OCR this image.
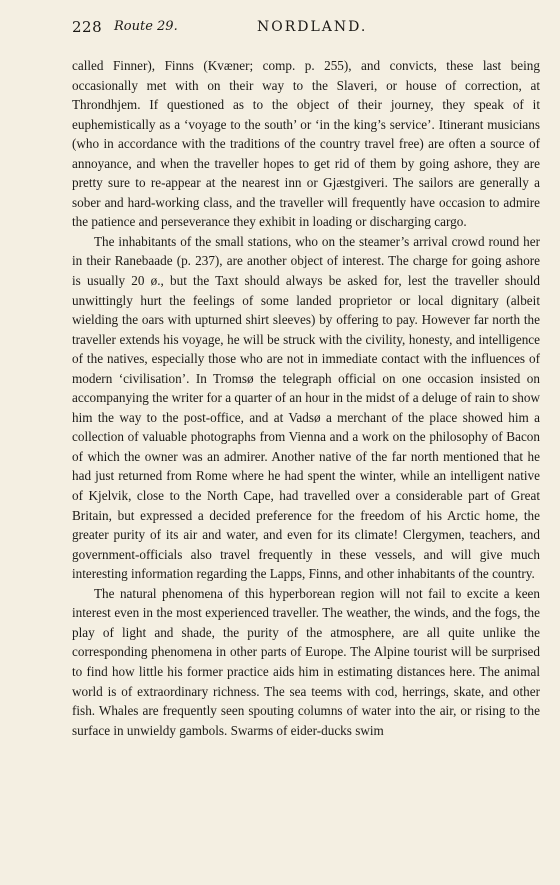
228 Route 29.	NORDLAND.

called Finner), Finns (Kvæner; comp. p. 255), and convicts, these last being occasionally met with on their way to the Slaveri, or house of correction, at Throndhjem. If questioned as to the object of their journey, they speak of it euphemistically as a ‘voyage to the south’ or ‘in the king’s service’. Itinerant musicians (who in accordance with the traditions of the country travel free) are often a source of annoyance, and when the traveller hopes to get rid of them by going ashore, they are pretty sure to re-appear at the nearest inn or Gjæstgiveri. The sailors are generally a sober and hard-working class, and the traveller will frequently have occasion to admire the patience and perseverance they exhibit in loading or discharging cargo.

The inhabitants of the small stations, who on the steamer’s arrival crowd round her in their Ranebaade (p. 237), are another object of interest. The charge for going ashore is usually 20 ø., but the Taxt should always be asked for, lest the traveller should unwittingly hurt the feelings of some landed proprietor or local dignitary (albeit wielding the oars with upturned shirt sleeves) by offering to pay. However far north the traveller extends his voyage, he will be struck with the civility, honesty, and intelligence of the natives, especially those who are not in immediate contact with the influences of modern ‘civilisation’. In Tromsø the telegraph official on one occasion insisted on accompanying the writer for a quarter of an hour in the midst of a deluge of rain to show him the way to the post-office, and at Vadsø a merchant of the place showed him a collection of valuable photographs from Vienna and a work on the philosophy of Bacon of which the owner was an admirer. Another native of the far north mentioned that he had just returned from Rome where he had spent the winter, while an intelligent native of Kjelvik, close to the North Cape, had travelled over a considerable part of Great Britain, but expressed a decided preference for the freedom of his Arctic home, the greater purity of its air and water, and even for its climate! Clergymen, teachers, and government-officials also travel frequently in these vessels, and will give much interesting information regarding the Lapps, Finns, and other inhabitants of the country.

The natural phenomena of this hyperborean region will not fail to excite a keen interest even in the most experienced traveller. The weather, the winds, and the fogs, the play of light and shade, the purity of the atmosphere, are all quite unlike the corresponding phenomena in other parts of Europe. The Alpine tourist will be surprised to find how little his former practice aids him in estimating distances here. The animal world is of extraordinary richness. The sea teems with cod, herrings, skate, and other fish. Whales are frequently seen spouting columns of water into the air, or rising to the surface in unwieldy gambols. Swarms of eider-ducks swim
